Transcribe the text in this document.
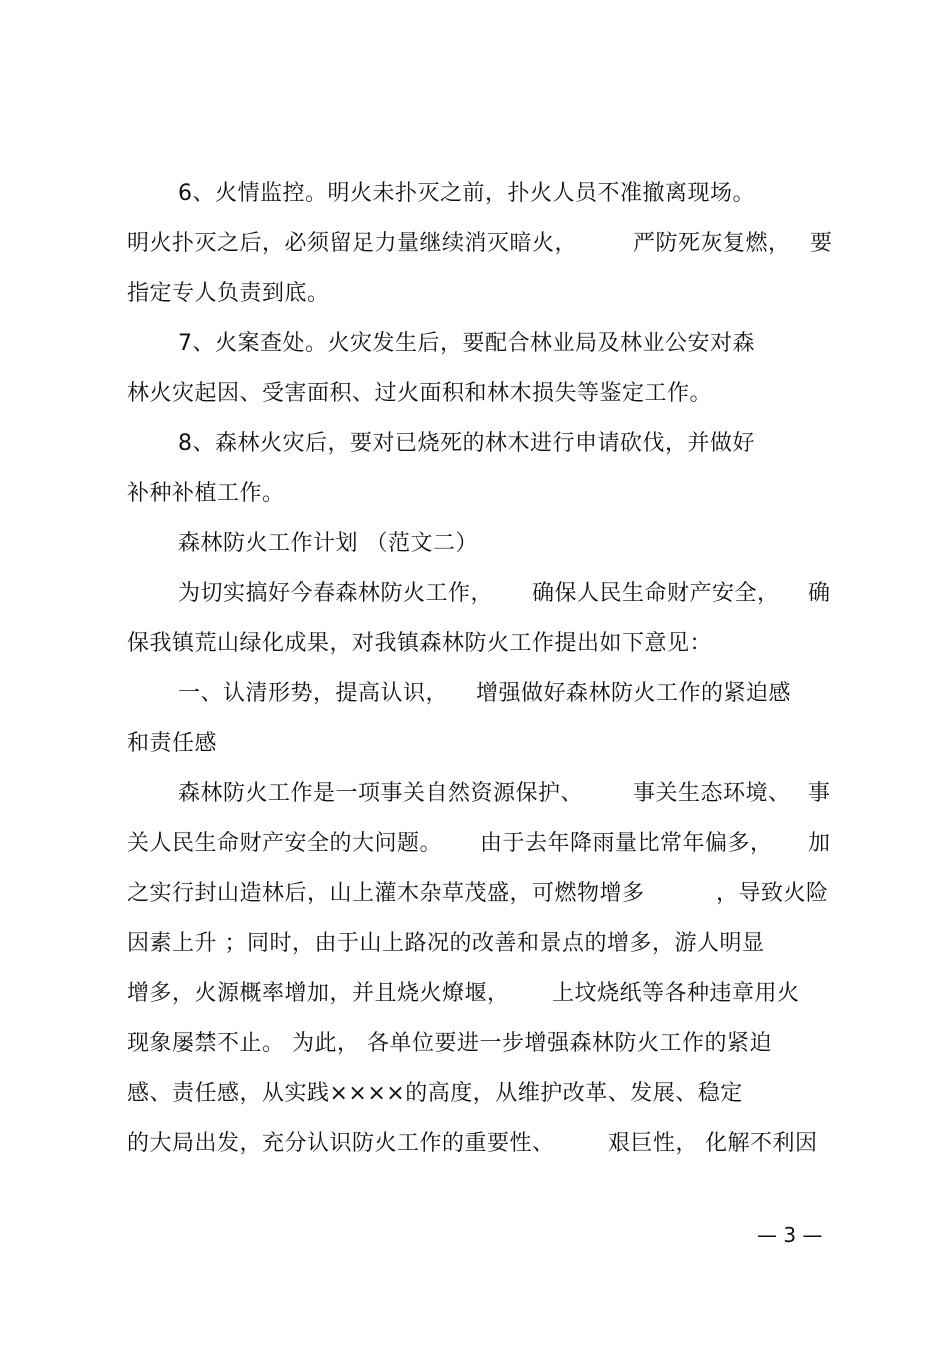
6、火情监控。明火未扑灭之前，扑火人员不准撤离现场。
明火扑灭之后，必须留足力量继续消灭暗火，	严防死灰复燃， 要
指定专人负责到底。
7、火案查处。火灾发生后，要配合林业局及林业公安对森
林火灾起因、受害面积、过火面积和林木损失等鉴定工作。
8、森林火灾后，要对已烧死的林木进行申请砍伐，并做好
补种补植工作。
森林防火工作计划 （范文二）
为切实搞好今春森林防火工作， 确保人民生命财产安全， 确
保我镇荒山绿化成果，对我镇森林防火工作提出如下意见：
一、认清形势，提高认识， 增强做好森林防火工作的紧迫感
和责任感
森林防火工作是一项事关自然资源保护、 事关生态环境、 事
关人民生命财产安全的大问题。 由于去年降雨量比常年偏多， 加
之实行封山造林后，山上灌木杂草茂盛，可燃物增多	，导致火险
因素上升 ；同时，由于山上路况的改善和景点的增多，游人明显
增多，火源概率增加，并且烧火燎堰， 上坟烧纸等各种违章用火
现象屡禁不止。 为此， 各单位要进一步增强森林防火工作的紧迫
感、责任感，从实践××××的高度，从维护改革、发展、稳定
的大局出发，充分认识防火工作的重要性、 艰巨性， 化解不利因
— 3 —
